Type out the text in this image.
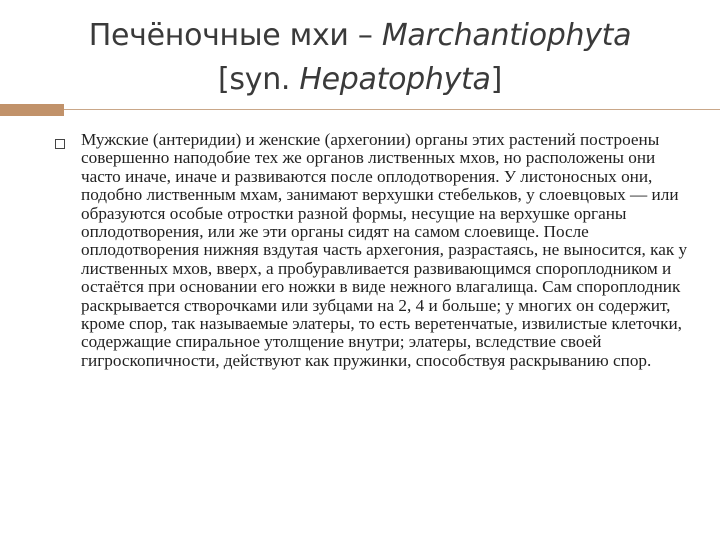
Печёночные мхи – Marchantiophyta
[syn. Hepatophyta]

Мужские (антеридии) и женские (архегонии) органы этих растений построены совершенно наподобие тех же органов лиственных мхов, но расположены они часто иначе, иначе и развиваются после оплодотворения. У листоносных они, подобно лиственным мхам, занимают верхушки стебельков, у слоевцовых — или образуются особые отростки разной формы, несущие на верхушке органы оплодотворения, или же эти органы сидят на самом слоевище. После оплодотворения нижняя вздутая часть архегония, разрастаясь, не выносится, как у лиственных мхов, вверх, а пробуравливается развивающимся спороплодником и остаётся при основании его ножки в виде нежного влагалища. Сам спороплодник раскрывается створочками или зубцами на 2, 4 и больше; у многих он содержит, кроме спор, так называемые элатеры, то есть веретенчатые, извилистые клеточки, содержащие спиральное утолщение внутри; элатеры, вследствие своей гигроскопичности, действуют как пружинки, способствуя раскрыванию спор.
